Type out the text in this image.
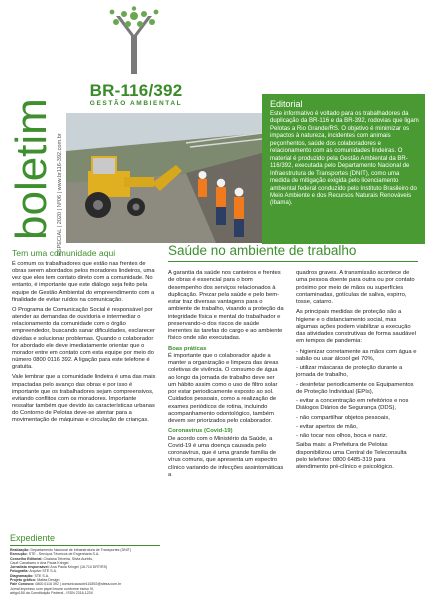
BR-116/392
GESTÃO AMBIENTAL
boletim ESPECIAL | 2020 | Nº06 | www.br116-392.com.br
Editorial
Este informativo é voltado para os trabalhadores da duplicação da BR-116 e da BR-392, rodovias que ligam Pelotas a Rio Grande/RS. O objetivo é minimizar os impactos à natureza, incidentes com animais peçonhentos, saúde dos colaboradores e relacionamento com as comunidades lindeiras. O material é produzido pela Gestão Ambiental da BR-116/392, executada pelo Departamento Nacional de Infraestrutura de Transportes (DNIT), como uma medida de mitigação exigida pelo licenciamento ambiental federal conduzido pelo Instituto Brasileiro do Meio Ambiente e dos Recursos Naturais Renováveis (Ibama).
Tem uma comunidade aqui

É comum os trabalhadores que estão nas frentes de obras serem abordados pelos moradores lindeiros, uma vez que eles tem contato direto com a comunidade. No entanto, é importante que este diálogo seja feito pela equipe de Gestão Ambiental do empreendimento com a finalidade de evitar ruídos na comunicação.

O Programa de Comunicação Social é responsável por atender as demandas de ouvidoria e intermediar o relacionamento da comunidade com o órgão empreendedor, buscando sanar dificuldades, esclarecer dúvidas e solucionar problemas. Quando o colaborador for abordado ele deve imediatamente orientar que o morador entre em contato com esta equipe por meio do número 0800 0116 392. A ligação para este telefone é gratuita.

Vale lembrar que a comunidade lindeira é uma das mais impactadas pelo avanço das obras e por isso é importante que os trabalhadores sejam compreensivos, evitando conflitos com os moradores. Importante ressaltar também que devido às características urbanas do Contorno de Pelotas deve-se atentar para a movimentação de máquinas e circulação de crianças.

Saúde no ambiente de trabalho

A garantia da saúde nos canteiros e frentes de obras é essencial para o bom desempenho dos serviços relacionados à duplicação. Prezar pela saúde e pelo bem-estar traz diversas vantagens para o ambiente de trabalho, visando a proteção da integridade física e mental do trabalhador e preservando-o dos riscos de saúde inerentes às tarefas do cargo e ao ambiente físico onde são executadas.

Boas práticas

É importante que o colaborador ajude a manter a organização e limpeza das áreas coletivas de vivência. O consumo de água ao longo da jornada de trabalho deve ser um hábito assim como o uso de filtro solar por estar periodicamente exposto ao sol. Cuidados pessoais, como a realização de exames periódicos de rotina, incluindo acompanhamento odontológico, também devem ser priorizados pelo colaborador.

Coronavírus (Covid-19)

De acordo com o Ministério da Saúde, a Covid-19 é uma doença causada pelo coronavírus, que é uma grande família de vírus comuns, que apresenta um espectro clínico variando de infecções assintomáticas a

quadros graves. A transmissão acontece de uma pessoa doente para outra ou por contato próximo por meio de mãos ou superfícies contaminadas, gotículas de saliva, espirro, tosse, catarro.

As principais medidas de proteção são a higiene e o distanciamento social, mas algumas ações podem viabilizar a execução das atividades construtivas de forma saudável em tempos de pandemia:

- higienizar corretamente as mãos com água e sabão ou usar álcool gel 70%,
- utilizar máscaras de proteção durante a jornada de trabalho,
- desinfetar periodicamente os Equipamentos de Proteção Individual (EPIs),
- evitar a concentração em refeitórios e nos Diálogos Diários de Segurança (DDS),
- não compartilhar objetos pessoais,
- evitar apertos de mão,
- não tocar nos olhos, boca e nariz.

Saiba mais: a Prefeitura de Pelotas disponibilizou uma Central de Teleconsulta pelo telefone: 0800 6485-319 para atendimento pré-clínico e psicológico.

Expediente
Realização: Departamento Nacional de Infraestrutura de Transportes (DNIT)
Execução: STE - Serviços Técnicos de Engenharia S.A.
Conselho Editorial: Chaiana Teixeira, Silvia Aurélio,
Cauê Canabarro e Ana Paula Kringel
Jornalista responsável: Ana Paula Kringel (16.710 DRT/RS)
Fotografia: Arquivo STE S.A.
Diagramação: STE S.A.
Projeto gráfico: Matiss Design
Fale Conosco: 0800 0116 392 | comunicacaobr116392@stesa.com.br
Jornal impresso com papel imune conforme inciso VI,
artigo150 da Constituição Federal - ISSN 2316-123X
